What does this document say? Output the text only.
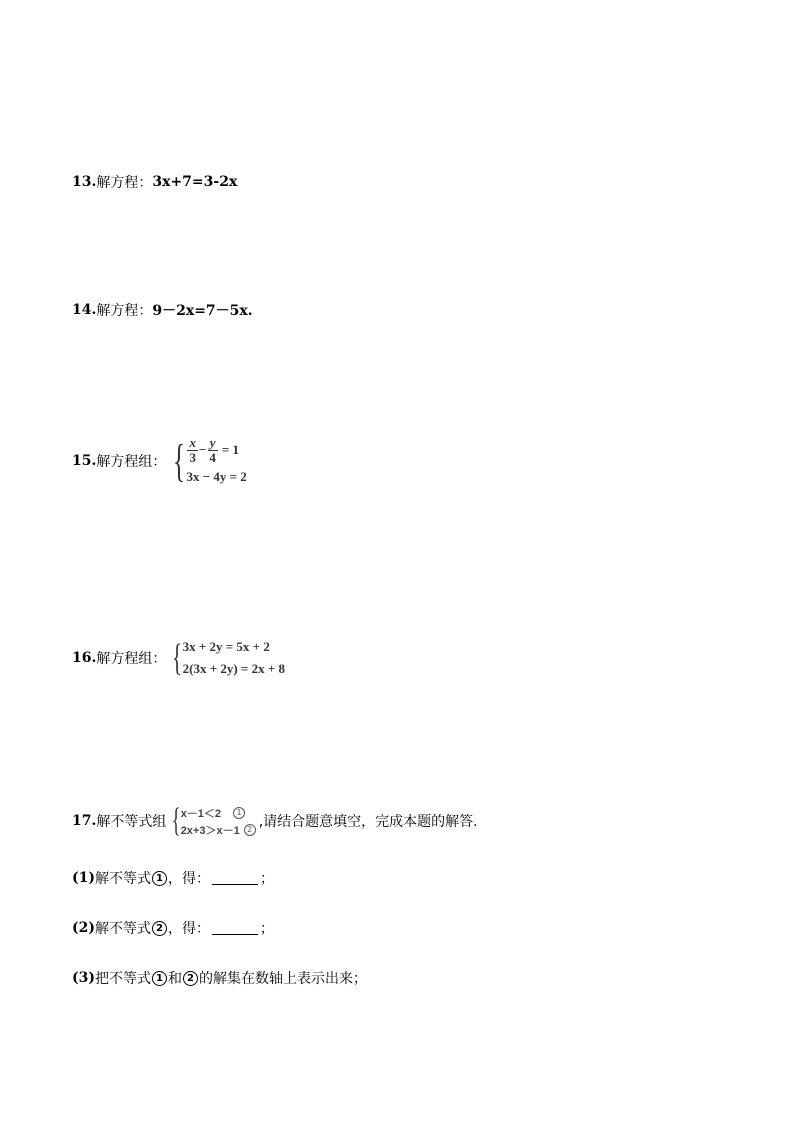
13. 解方程： 3x+7=3-2x
14. 解方程： 9－2x=7－5x.
15. 解方程组： { $\frac{x}{3} - \frac{y}{4} = 1$
3x − 4y = 2
16. 解方程组： { 3x + 2y = 5x + 2
2(3x + 2y) = 2x + 8
17. 解不等式组 { x－1＜2	1
2x+3＞x－1 2 ,请结合题意填空，完成本题的解答.
(1) 解不等式 1 ，得：	；
(2) 解不等式 2 ，得：	；
(3) 把不等式 1 和 2 的解集在数轴上表示出来；
